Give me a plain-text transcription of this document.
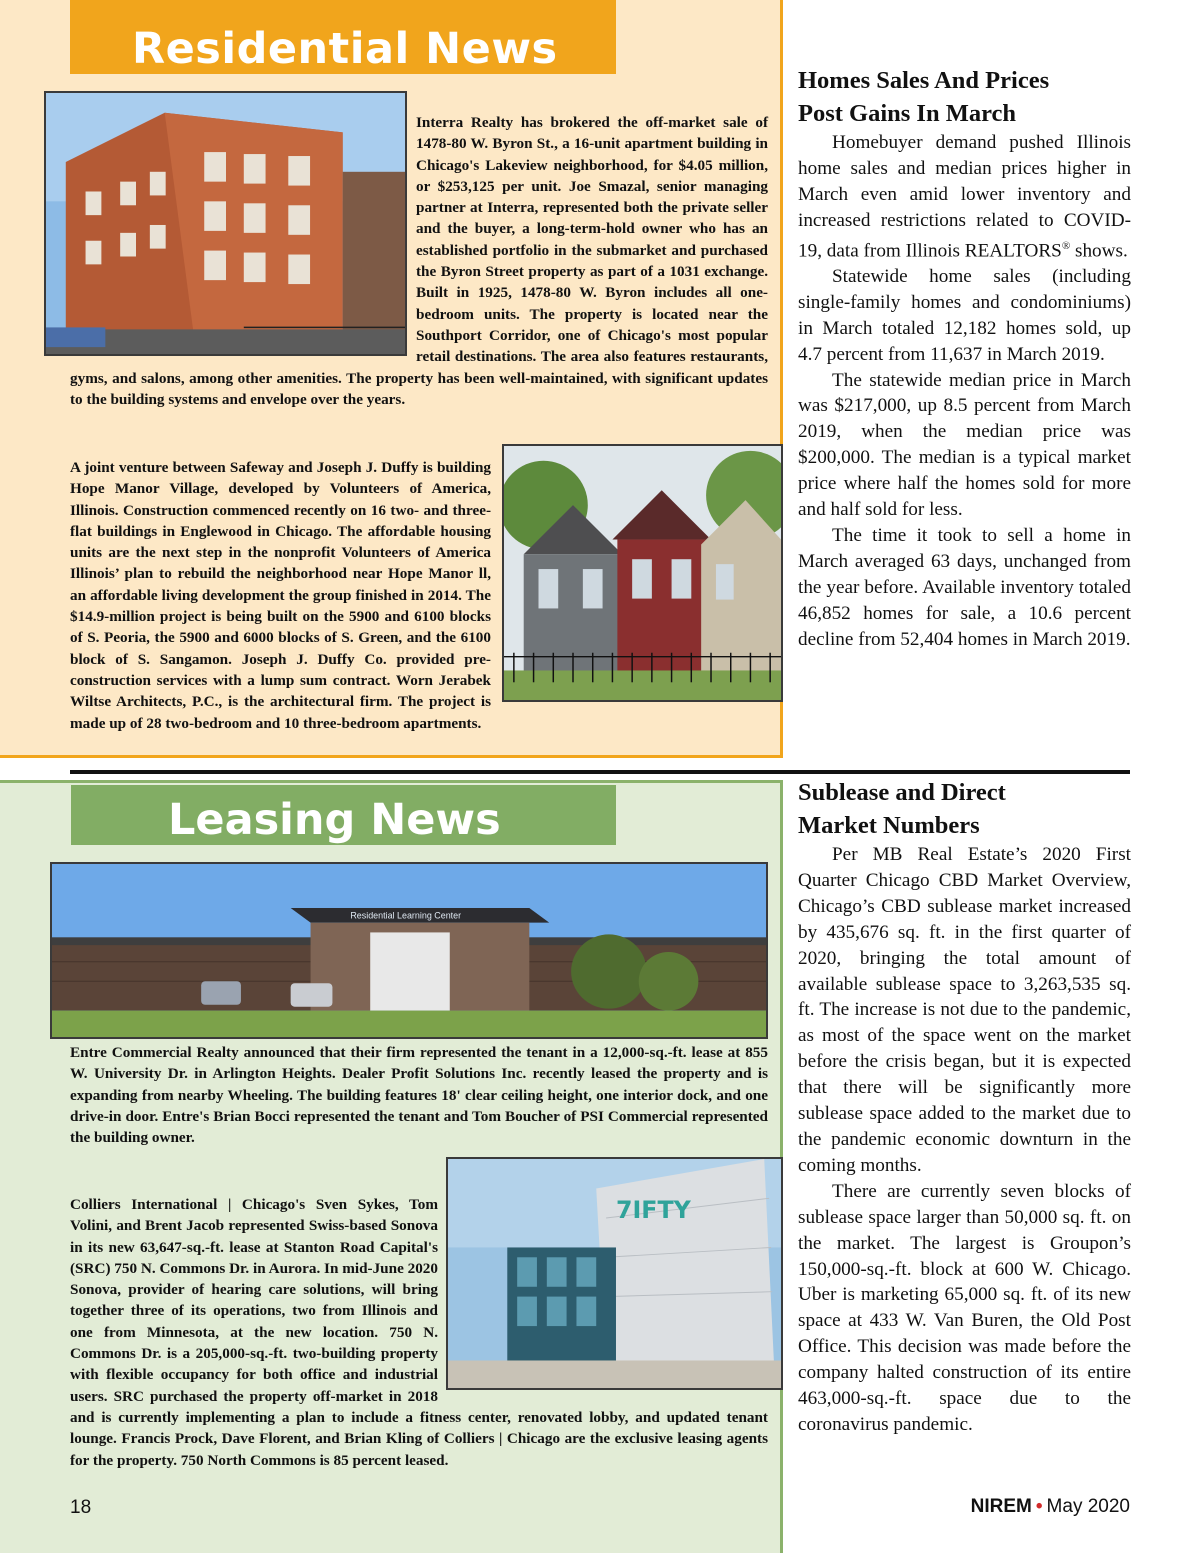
Residential News

Interra Realty has brokered the off-market sale of 1478-80 W. Byron St., a 16-unit apartment building in Chicago's Lakeview neighborhood, for $4.05 million, or $253,125 per unit. Joe Smazal, senior managing partner at Interra, represented both the private seller and the buyer, a long-term-hold owner who has an established portfolio in the submarket and purchased the Byron Street property as part of a 1031 exchange. Built in 1925, 1478-80 W. Byron includes all one-bedroom units. The property is located near the Southport Corridor, one of Chicago's most popular retail destinations. The area also features restaurants, gyms, and salons, among other amenities. The property has been well-maintained, with significant updates to the building systems and envelope over the years.

A joint venture between Safeway and Joseph J. Duffy is building Hope Manor Village, developed by Volunteers of America, Illinois. Construction commenced recently on 16 two- and three-flat buildings in Englewood in Chicago. The affordable housing units are the next step in the nonprofit Volunteers of America Illinois’ plan to rebuild the neighborhood near Hope Manor ll, an affordable living development the group finished in 2014. The $14.9-million project is being built on the 5900 and 6100 blocks of S. Peoria, the 5900 and 6000 blocks of S. Green, and the 6100 block of S. Sangamon. Joseph J. Duffy Co. provided pre-construction services with a lump sum contract. Worn Jerabek Wiltse Architects, P.C., is the architectural firm. The project is made up of 28 two-bedroom and 10 three-bedroom apartments.

Leasing News
Residential Learning Center

Entre Commercial Realty announced that their firm represented the tenant in a 12,000-sq.-ft. lease at 855 W. University Dr. in Arlington Heights. Dealer Profit Solutions Inc. recently leased the property and is expanding from nearby Wheeling. The building features 18' clear ceiling height, one interior dock, and one drive-in door. Entre's Brian Bocci represented the tenant and Tom Boucher of PSI Commercial represented the building owner.

7IFTY

Colliers International | Chicago's Sven Sykes, Tom Volini, and Brent Jacob represented Swiss-based Sonova in its new 63,647-sq.-ft. lease at Stanton Road Capital's (SRC) 750 N. Commons Dr. in Aurora. In mid-June 2020 Sonova, provider of hearing care solutions, will bring together three of its operations, two from Illinois and one from Minnesota, at the new location. 750 N. Commons Dr. is a 205,000-sq.-ft. two-building property with flexible occupancy for both office and industrial users. SRC purchased the property off-market in 2018 and is currently implementing a plan to include a fitness center, renovated lobby, and updated tenant lounge. Francis Prock, Dave Florent, and Brian Kling of Colliers | Chicago are the exclusive leasing agents for the property. 750 North Commons is 85 percent leased.

Homes Sales And Prices
Post Gains In March

Homebuyer demand pushed Illinois home sales and median prices higher in March even amid lower inventory and increased restrictions related to COVID-19, data from Illinois REALTORS® shows.

Statewide home sales (including single-family homes and condominiums) in March totaled 12,182 homes sold, up 4.7 percent from 11,637 in March 2019.

The statewide median price in March was $217,000, up 8.5 percent from March 2019, when the median price was $200,000. The median is a typical market price where half the homes sold for more and half sold for less.

The time it took to sell a home in March averaged 63 days, unchanged from the year before. Available inventory totaled 46,852 homes for sale, a 10.6 percent decline from 52,404 homes in March 2019.

Sublease and Direct
Market Numbers

Per MB Real Estate’s 2020 First Quarter Chicago CBD Market Overview, Chicago’s CBD sublease market increased by 435,676 sq. ft. in the first quarter of 2020, bringing the total amount of available sublease space to 3,263,535 sq. ft. The increase is not due to the pandemic, as most of the space went on the market before the crisis began, but it is expected that there will be significantly more sublease space added to the market due to the pandemic economic downturn in the coming months.

There are currently seven blocks of sublease space larger than 50,000 sq. ft. on the market. The largest is Groupon’s 150,000-sq.-ft. block at 600 W. Chicago. Uber is marketing 65,000 sq. ft. of its new space at 433 W. Van Buren, the Old Post Office. This decision was made before the company halted construction of its entire 463,000-sq.-ft. space due to the coronavirus pandemic.

18	NIREM • May 2020
